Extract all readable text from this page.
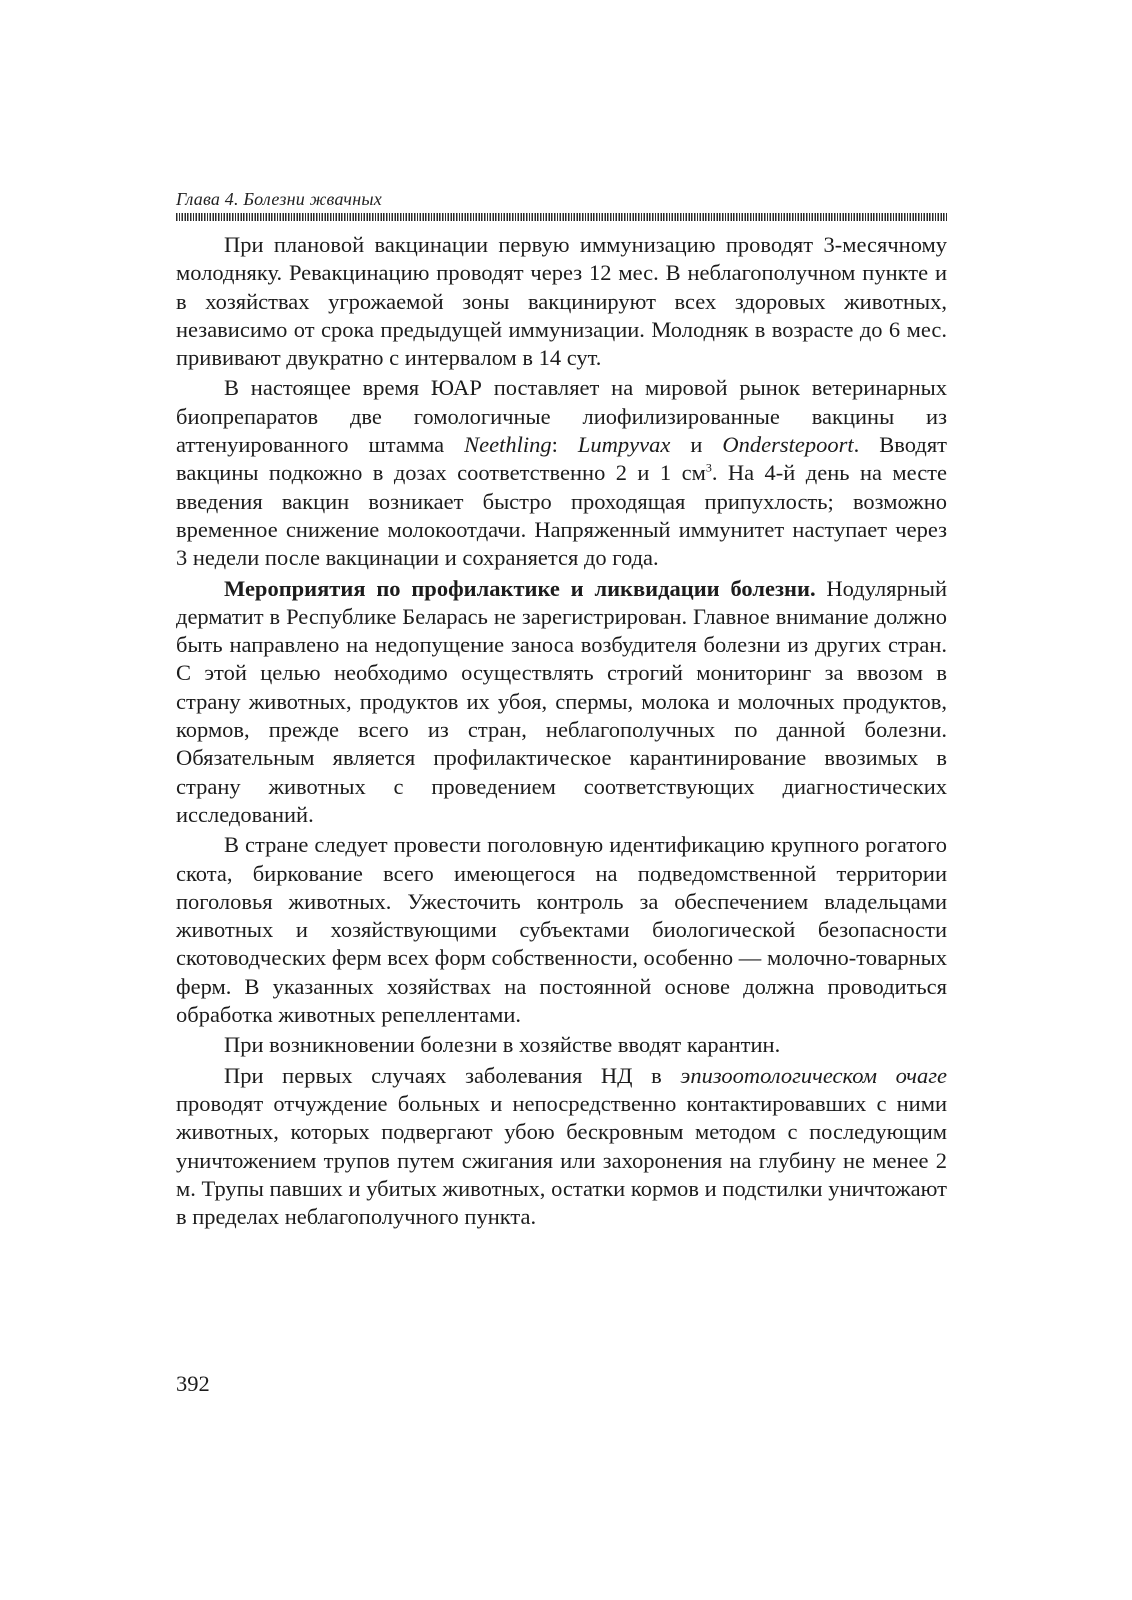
Глава 4. Болезни жвачных

При плановой вакцинации первую иммунизацию проводят 3-месячному молодняку. Ревакцинацию проводят через 12 мес. В неблагополучном пункте и в хозяйствах угрожаемой зоны вакцинируют всех здоровых животных, независимо от срока предыдущей иммунизации. Молодняк в возрасте до 6 мес. прививают двукратно с интервалом в 14 сут.

В настоящее время ЮАР поставляет на мировой рынок ветеринарных биопрепаратов две гомологичные лиофилизированные вакцины из аттенуированного штамма Neethling: Lumpyvax и Onderstepoort. Вводят вакцины подкожно в дозах соответственно 2 и 1 $см^3$. На 4-й день на месте введения вакцин возникает быстро проходящая припухлость; возможно временное снижение молокоотдачи. Напряженный иммунитет наступает через 3 недели после вакцинации и сохраняется до года.

Мероприятия по профилактике и ликвидации болезни. Нодулярный дерматит в Республике Беларась не зарегистрирован. Главное внимание должно быть направлено на недопущение заноса возбудителя болезни из других стран. С этой целью необходимо осуществлять строгий мониторинг за ввозом в страну животных, продуктов их убоя, спермы, молока и молочных продуктов, кормов, прежде всего из стран, неблагополучных по данной болезни. Обязательным является профилактическое карантинирование ввозимых в страну животных с проведением соответствующих диагностических исследований.

В стране следует провести поголовную идентификацию крупного рогатого скота, биркование всего имеющегося на подведомственной территории поголовья животных. Ужесточить контроль за обеспечением владельцами животных и хозяйствующими субъектами биологической безопасности скотоводческих ферм всех форм собственности, особенно — молочно-товарных ферм. В указанных хозяйствах на постоянной основе должна проводиться обработка животных репеллентами.

При возникновении болезни в хозяйстве вводят карантин.

При первых случаях заболевания НД в эпизоотологическом очаге проводят отчуждение больных и непосредственно контактировавших с ними животных, которых подвергают убою бескровным методом с последующим уничтожением трупов путем сжигания или захоронения на глубину не менее 2 м. Трупы павших и убитых животных, остатки кормов и подстилки уничтожают в пределах неблагополучного пункта.

392
